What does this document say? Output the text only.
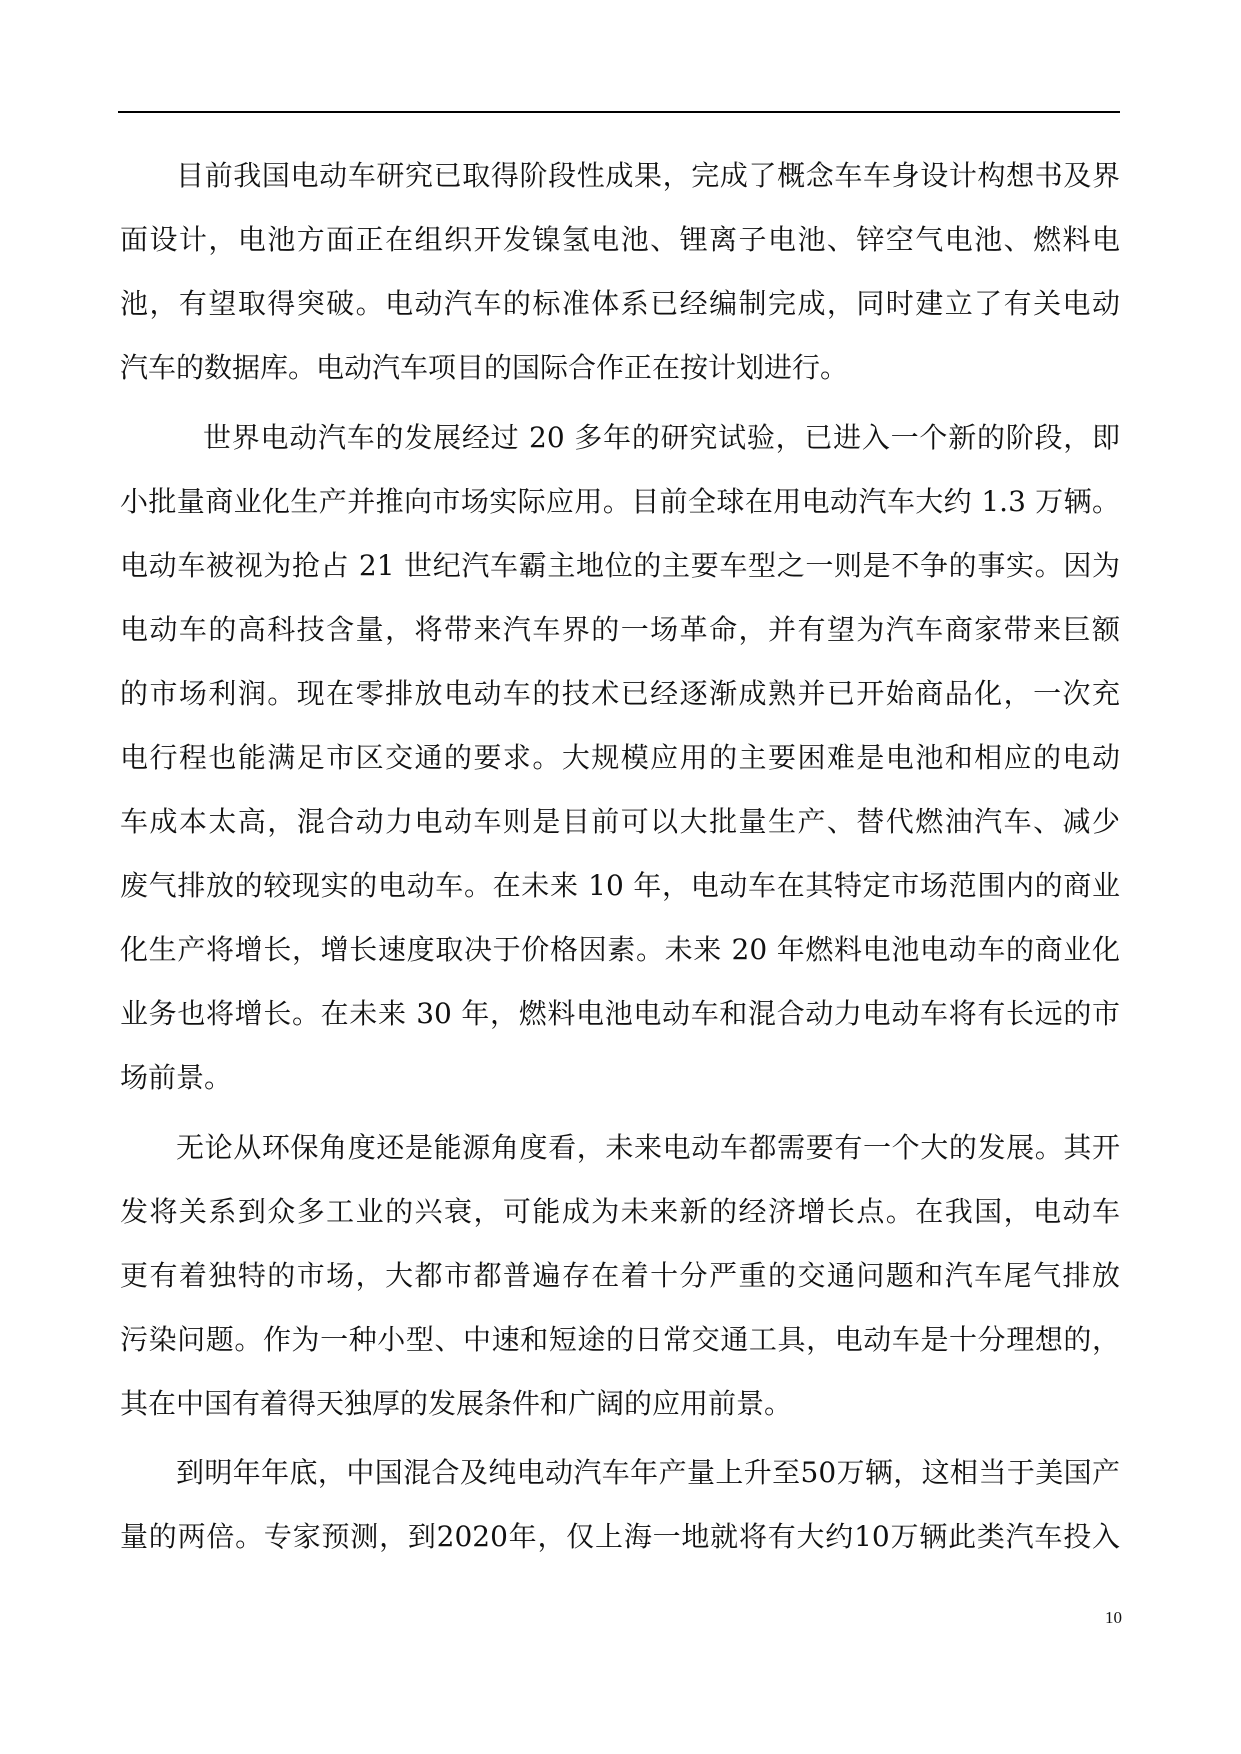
目前我国电动车研究已取得阶段性成果，完成了概念车车身设计构想书及界
面设计，电池方面正在组织开发镍氢电池、锂离子电池、锌空气电池、燃料电
池，有望取得突破。电动汽车的标准体系已经编制完成，同时建立了有关电动
汽车的数据库。电动汽车项目的国际合作正在按计划进行。
世界电动汽车的发展经过 20 多年的研究试验，已进入一个新的阶段，即
小批量商业化生产并推向市场实际应用。目前全球在用电动汽车大约 1.3 万辆。
电动车被视为抢占 21 世纪汽车霸主地位的主要车型之一则是不争的事实。因为
电动车的高科技含量，将带来汽车界的一场革命，并有望为汽车商家带来巨额
的市场利润。现在零排放电动车的技术已经逐渐成熟并已开始商品化，一次充
电行程也能满足市区交通的要求。大规模应用的主要困难是电池和相应的电动
车成本太高，混合动力电动车则是目前可以大批量生产、替代燃油汽车、减少
废气排放的较现实的电动车。在未来 10 年，电动车在其特定市场范围内的商业
化生产将增长，增长速度取决于价格因素。未来 20 年燃料电池电动车的商业化
业务也将增长。在未来 30 年，燃料电池电动车和混合动力电动车将有长远的市
场前景。
无论从环保角度还是能源角度看，未来电动车都需要有一个大的发展。其开
发将关系到众多工业的兴衰，可能成为未来新的经济增长点。在我国，电动车
更有着独特的市场，大都市都普遍存在着十分严重的交通问题和汽车尾气排放
污染问题。作为一种小型、中速和短途的日常交通工具，电动车是十分理想的，
其在中国有着得天独厚的发展条件和广阔的应用前景。
到明年年底，中国混合及纯电动汽车年产量上升至50万辆，这相当于美国产
量的两倍。专家预测，到2020年，仅上海一地就将有大约10万辆此类汽车投入
10
